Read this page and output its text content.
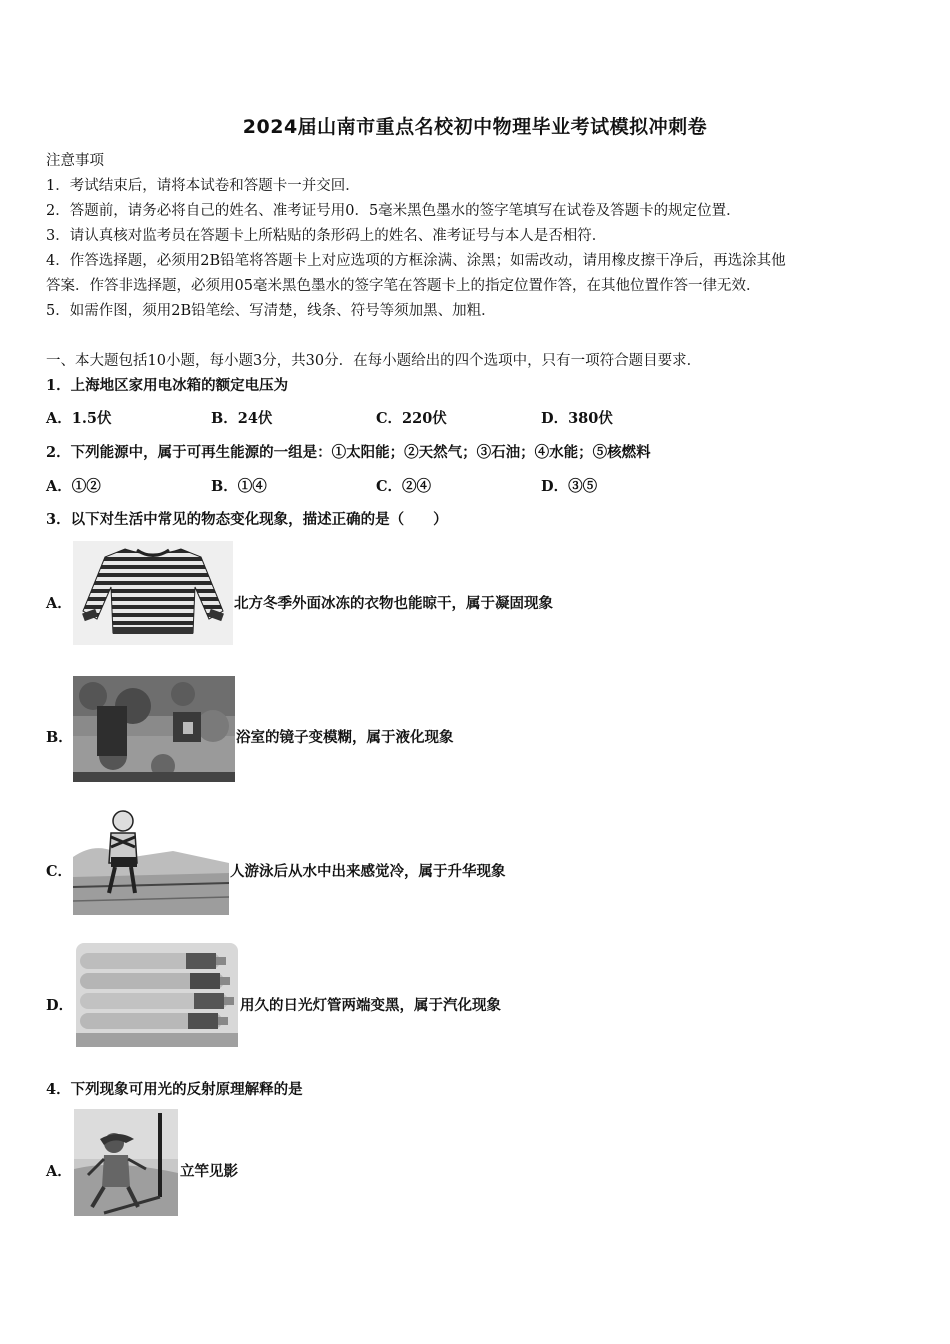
2024届山南市重点名校初中物理毕业考试模拟冲刺卷
注意事项
1．考试结束后，请将本试卷和答题卡一并交回．
2．答题前，请务必将自己的姓名、准考证号用0．5毫米黑色墨水的签字笔填写在试卷及答题卡的规定位置．
3．请认真核对监考员在答题卡上所粘贴的条形码上的姓名、准考证号与本人是否相符．
4．作答选择题，必须用2B铅笔将答题卡上对应选项的方框涂满、涂黑；如需改动，请用橡皮擦干净后，再选涂其他
答案．作答非选择题，必须用05毫米黑色墨水的签字笔在答题卡上的指定位置作答，在其他位置作答一律无效．
5．如需作图，须用2B铅笔绘、写清楚，线条、符号等须加黑、加粗．
一、本大题包括10小题，每小题3分，共30分．在每小题给出的四个选项中，只有一项符合题目要求．
1．上海地区家用电冰箱的额定电压为
A．1.5伏	B．24伏	C．220伏	D．380伏
2．下列能源中，属于可再生能源的一组是：①太阳能；②天然气；③石油；④水能；⑤核燃料
A．①②	B．①④	C．②④	D．③⑤
3．以下对生活中常见的物态变化现象，描述正确的是（　　）
A．	北方冬季外面冰冻的衣物也能晾干，属于凝固现象
B．	浴室的镜子变模糊，属于液化现象
C．	人游泳后从水中出来感觉冷，属于升华现象
D．	用久的日光灯管两端变黑，属于汽化现象
4．下列现象可用光的反射原理解释的是
A．	立竿见影
